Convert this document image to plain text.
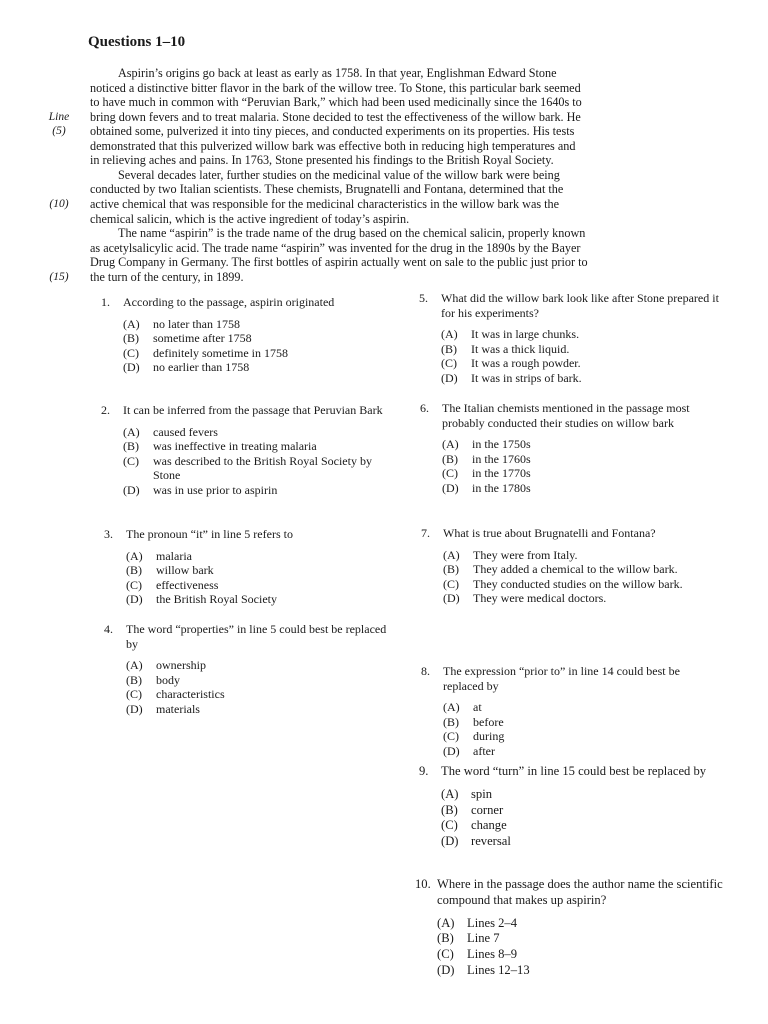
Questions 1–10
Aspirin’s origins go back at least as early as 1758. In that year, Englishman Edward Stone
noticed a distinctive bitter flavor in the bark of the willow tree. To Stone, this particular bark seemed
to have much in common with “Peruvian Bark,” which had been used medicinally since the 1640s to
Line	bring down fevers and to treat malaria. Stone decided to test the effectiveness of the willow bark. He
(5)	obtained some, pulverized it into tiny pieces, and conducted experiments on its properties. His tests
demonstrated that this pulverized willow bark was effective both in reducing high temperatures and
in relieving aches and pains. In 1763, Stone presented his findings to the British Royal Society.
Several decades later, further studies on the medicinal value of the willow bark were being
conducted by two Italian scientists. These chemists, Brugnatelli and Fontana, determined that the
(10)	active chemical that was responsible for the medicinal characteristics in the willow bark was the
chemical salicin, which is the active ingredient of today’s aspirin.
The name “aspirin” is the trade name of the drug based on the chemical salicin, properly known
as acetylsalicylic acid. The trade name “aspirin” was invented for the drug in the 1890s by the Bayer
Drug Company in Germany. The first bottles of aspirin actually went on sale to the public just prior to
(15)	the turn of the century, in 1899.
1. According to the passage, aspirin originated
(A) no later than 1758
(B) sometime after 1758
(C) definitely sometime in 1758
(D) no earlier than 1758
2. It can be inferred from the passage that Peruvian Bark
(A) caused fevers
(B) was ineffective in treating malaria
(C) was described to the British Royal Society by Stone
(D) was in use prior to aspirin
3. The pronoun “it” in line 5 refers to
(A) malaria
(B) willow bark
(C) effectiveness
(D) the British Royal Society
4. The word “properties” in line 5 could best be replaced by
(A) ownership
(B) body
(C) characteristics
(D) materials
5. What did the willow bark look like after Stone prepared it for his experiments?
(A) It was in large chunks.
(B) It was a thick liquid.
(C) It was a rough powder.
(D) It was in strips of bark.
6. The Italian chemists mentioned in the passage most probably conducted their studies on willow bark
(A) in the 1750s
(B) in the 1760s
(C) in the 1770s
(D) in the 1780s
7. What is true about Brugnatelli and Fontana?
(A) They were from Italy.
(B) They added a chemical to the willow bark.
(C) They conducted studies on the willow bark.
(D) They were medical doctors.
8. The expression “prior to” in line 14 could best be replaced by
(A) at
(B) before
(C) during
(D) after
9. The word “turn” in line 15 could best be replaced by
(A) spin
(B) corner
(C) change
(D) reversal
10. Where in the passage does the author name the scientific compound that makes up aspirin?
(A) Lines 2–4
(B) Line 7
(C) Lines 8–9
(D) Lines 12–13
